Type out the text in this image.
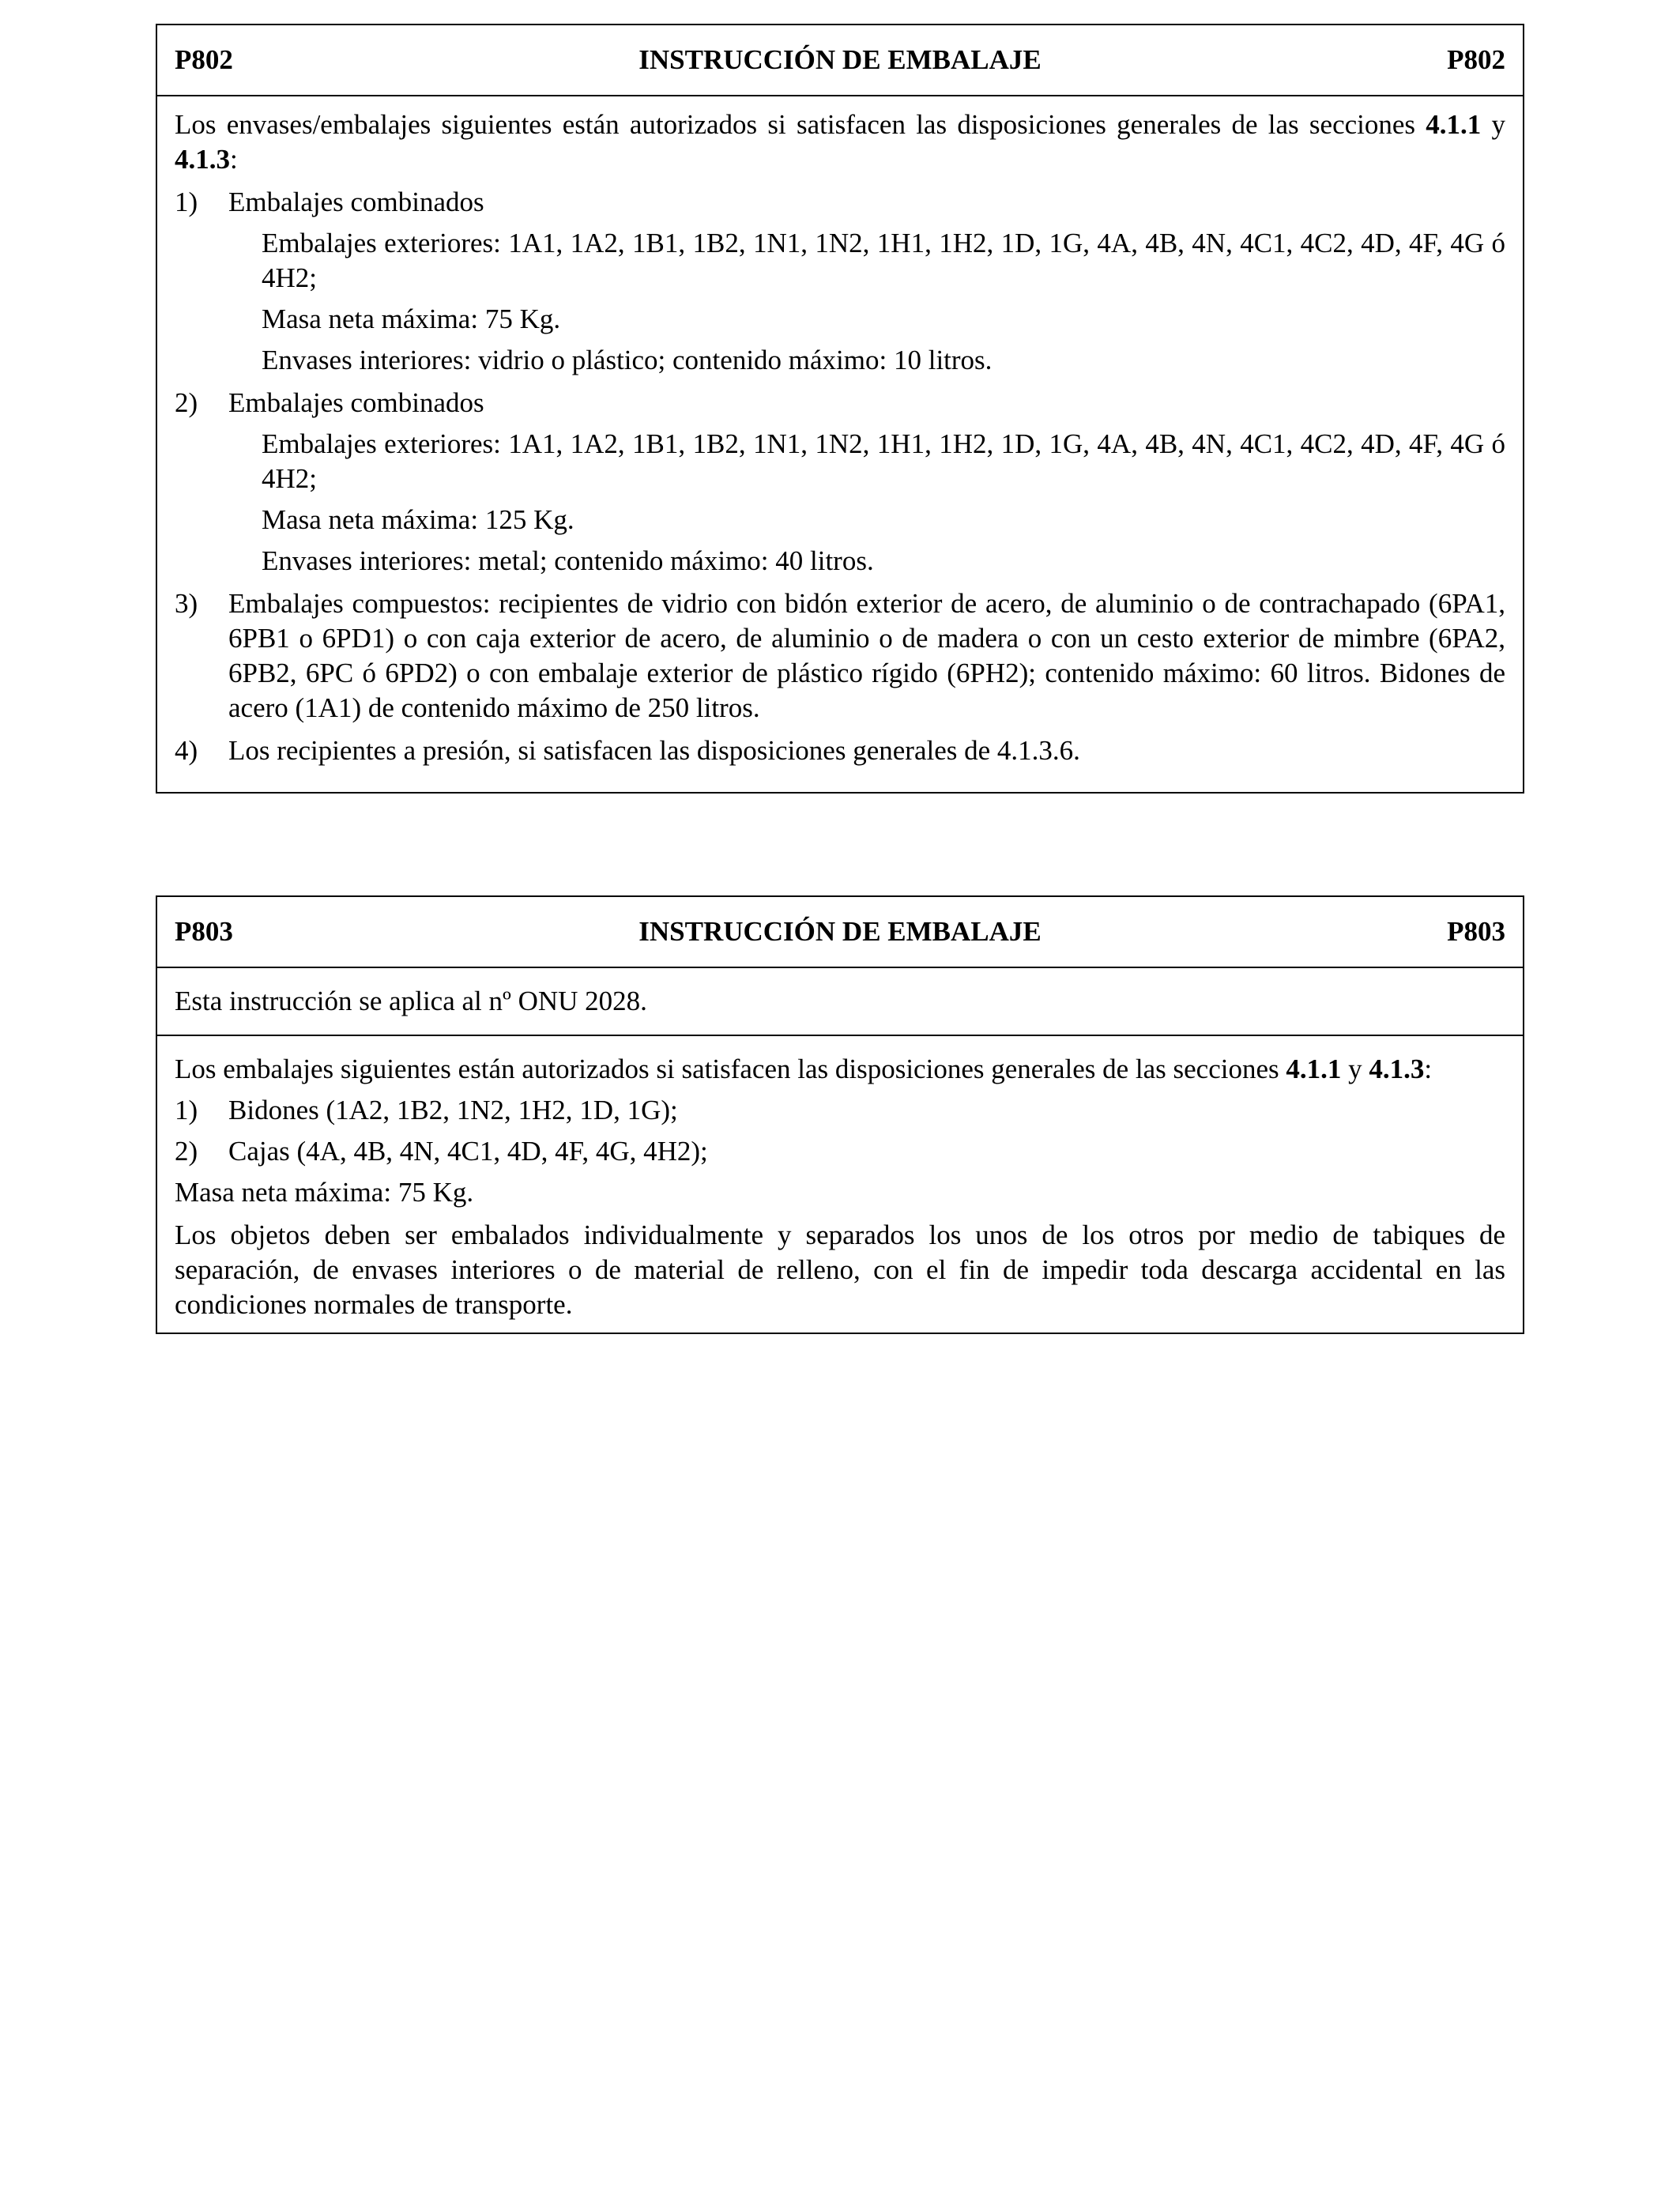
P802	INSTRUCCIÓN DE EMBALAJE	P802

Los envases/embalajes siguientes están autorizados si satisfacen las disposiciones generales de las secciones 4.1.1 y 4.1.3:

1) Embalajes combinados

Embalajes exteriores: 1A1, 1A2, 1B1, 1B2, 1N1, 1N2, 1H1, 1H2, 1D, 1G, 4A, 4B, 4N, 4C1, 4C2, 4D, 4F, 4G ó 4H2;

Masa neta máxima: 75 Kg.

Envases interiores: vidrio o plástico; contenido máximo: 10 litros.

2) Embalajes combinados

Embalajes exteriores: 1A1, 1A2, 1B1, 1B2, 1N1, 1N2, 1H1, 1H2, 1D, 1G, 4A, 4B, 4N, 4C1, 4C2, 4D, 4F, 4G ó 4H2;

Masa neta máxima: 125 Kg.

Envases interiores: metal; contenido máximo: 40 litros.

3) Embalajes compuestos: recipientes de vidrio con bidón exterior de acero, de aluminio o de contrachapado (6PA1, 6PB1 o 6PD1) o con caja exterior de acero, de aluminio o de madera o con un cesto exterior de mimbre (6PA2, 6PB2, 6PC ó 6PD2) o con embalaje exterior de plástico rígido (6PH2); contenido máximo: 60 litros. Bidones de acero (1A1) de contenido máximo de 250 litros.

4) Los recipientes a presión, si satisfacen las disposiciones generales de 4.1.3.6.

P803	INSTRUCCIÓN DE EMBALAJE	P803

Esta instrucción se aplica al nº ONU 2028.

Los embalajes siguientes están autorizados si satisfacen las disposiciones generales de las secciones 4.1.1 y 4.1.3:

1) Bidones (1A2, 1B2, 1N2, 1H2, 1D, 1G);

2) Cajas (4A, 4B, 4N, 4C1, 4D, 4F, 4G, 4H2);

Masa neta máxima: 75 Kg.

Los objetos deben ser embalados individualmente y separados los unos de los otros por medio de tabiques de separación, de envases interiores o de material de relleno, con el fin de impedir toda descarga accidental en las condiciones normales de transporte.
